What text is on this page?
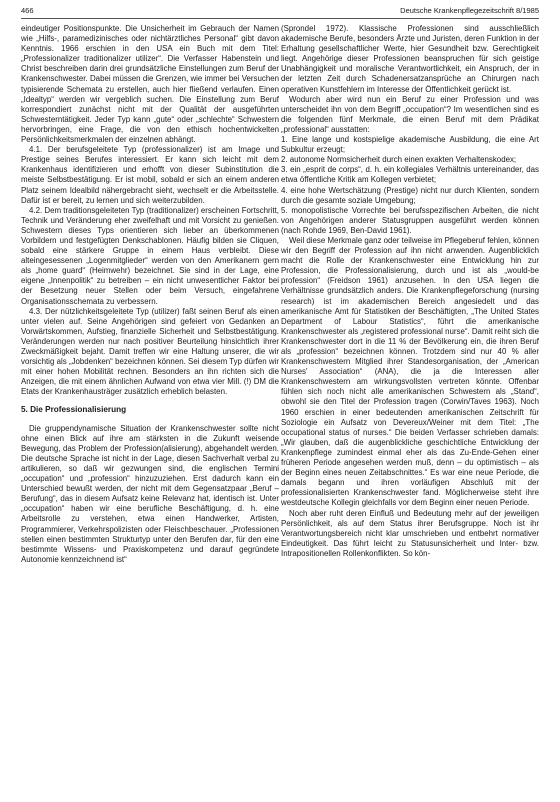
466	Deutsche Krankenpflegezeitschrift 8/1985

eindeutiger Positionspunkte. Die Unsicherheit im Gebrauch der Namen wie „Hilfs-, paramedizinisches oder nichtärztliches Personal“ gibt davon Kenntnis. 1966 erschien in den USA ein Buch mit dem Titel: „Professionalizer traditionalizer utilizer“. Die Verfasser Habenstein und Christ beschreiben darin drei grundsätzliche Einstellungen zum Beruf der Krankenschwester. Dabei müssen die Grenzen, wie immer bei Versuchen typisierende Schemata zu erstellen, auch hier fließend verlaufen. Einen „Idealtyp“ werden wir vergeblich suchen. Die Einstellung zum Beruf korrespondiert zunächst nicht mit der Qualität der ausgeführten Schwesterntätigkeit. Jeder Typ kann „gute“ oder „schlechte“ Schwestern hervorbringen, eine Frage, die von den ethisch hochentwickelten Persönlichkeitsmerkmalen der einzelnen abhängt.

4.1. Der berufsgeleitete Typ (professionalizer) ist am Image und Prestige seines Berufes interessiert. Er kann sich leicht mit dem Krankenhaus identifizieren und erhofft von dieser Subinstitution die meiste Selbstbestätigung. Er ist mobil, sobald er sich an einem anderen Platz seinem Idealbild nähergebracht sieht, wechselt er die Arbeitsstelle. Dafür ist er bereit, zu lernen und sich weiterzubilden.

4.2. Dem traditionsgeleiteten Typ (traditionalizer) erscheinen Fortschritt, Technik und Veränderung eher zweifelhaft und mit Vorsicht zu genießen. Schwestern dieses Typs orientieren sich lieber an überkommenen Vorbildern und festgefügten Denkschablonen. Häufig bilden sie Cliquen, sobald eine stärkere Gruppe in einem Haus verbleibt. Diese alteingesessenen „Logenmitglieder“ werden von den Amerikanern gern als „home guard“ (Heimwehr) bezeichnet. Sie sind in der Lage, eine eigene „Innenpolitik“ zu betreiben – ein nicht unwesentlicher Faktor bei der Besetzung neuer Stellen oder beim Versuch, eingefahrene Organisationsschemata zu verbessern.

4.3. Der nützlichkeitsgeleitete Typ (utilizer) faßt seinen Beruf als einen unter vielen auf. Seine Angehörigen sind gefeiert von Gedanken an Vorwärtskommen, Aufstieg, finanzielle Sicherheit und Selbstbestätigung. Veränderungen werden nur nach positiver Beurteilung hinsichtlich ihrer Zweckmäßigkeit bejaht. Damit treffen wir eine Haltung unserer, die wir vorsichtig als „Jobdenken“ bezeichnen können. Sei diesem Typ dürfen wir mit einer hohen Mobilität rechnen. Besonders an ihn richten sich die Anzeigen, die mit einem ähnlichen Aufwand von etwa vier Mill. (!) DM die Etats der Krankenhausträger zusätzlich erheblich belasten.

5. Die Professionalisierung

Die gruppendynamische Situation der Krankenschwester sollte nicht ohne einen Blick auf ihre am stärksten in die Zukunft weisende Bewegung, das Problem der Profession(alisierung), abgehandelt werden. Die deutsche Sprache ist nicht in der Lage, diesen Sachverhalt verbal zu artikulieren, so daß wir gezwungen sind, die englischen Termini „occupation“ und „profession“ hinzuzuziehen. Erst dadurch kann ein Unterschied bewußt werden, der nicht mit dem Gegensatzpaar „Beruf – Berufung“, das in diesem Aufsatz keine Relevanz hat, identisch ist. Unter „occupation“ haben wir eine berufliche Beschäftigung, d. h. eine Arbeitsrolle zu verstehen, etwa einen Handwerker, Artisten, Programmierer, Verkehrspolizisten oder Fleischbeschauer. „Professionen stellen einen bestimmten Strukturtyp unter den Berufen dar, für den eine bestimmte Wissens- und Praxiskompetenz und darauf gegründete Autonomie kennzeichnend ist“

(Sprondel 1972). Klassische Professionen sind ausschließlich akademische Berufe, besonders Ärzte und Juristen, deren Funktion in der Erhaltung gesellschaftlicher Werte, hier Gesundheit bzw. Gerechtigkeit liegt. Angehörige dieser Professionen beanspruchen für sich geistige Unabhängigkeit und moralische Verantwortlichkeit, ein Anspruch, der in der letzten Zeit durch Schadenersatzansprüche an Chirurgen nach operativen Kunstfehlern im Interesse der Öffentlichkeit gerückt ist.

Wodurch aber wird nun ein Beruf zu einer Profession und was unterscheidet ihn von dem Begriff „occupation“? Im wesentlichen sind es die folgenden fünf Merkmale, die einen Beruf mit dem Prädikat „professional“ ausstatten:

1. Eine lange und kostspielige akademische Ausbildung, die eine Art Subkultur erzeugt;

2. autonome Normsicherheit durch einen exakten Verhaltenskodex;

3. ein „esprit de corps“, d. h. ein kollegiales Verhältnis untereinander, das etwa öffentliche Kritik am Kollegen verbietet;

4. eine hohe Wertschätzung (Prestige) nicht nur durch Klienten, sondern durch die gesamte soziale Umgebung;

5. monopolistische Vorrechte bei berufsspezifischen Arbeiten, die nicht von Angehörigen anderer Statusgruppen ausgeführt werden können (nach Rohde 1969, Ben-David 1961).

Weil diese Merkmale ganz oder teilweise im Pflegeberuf fehlen, können wir den Begriff der Profession auf ihn nicht anwenden. Augenblicklich macht die Rolle der Krankenschwester eine Entwicklung hin zur Profession, die Professionalisierung, durch und ist als „would-be profession“ (Freidson 1961) anzusehen. In den USA liegen die Verhältnisse grundsätzlich anders. Die Krankenpflegeforschung (nursing research) ist im akademischen Bereich angesiedelt und das amerikanische Amt für Statistiken der Beschäftigten, „The United States Department of Labour Statistics“, führt die amerikanische Krankenschwester als „registered professional nurse“. Damit reiht sich die Krankenschwester dort in die 11 % der Bevölkerung ein, die ihren Beruf als „profession“ bezeichnen können. Trotzdem sind nur 40 % aller Krankenschwestern Mitglied ihrer Standesorganisation, der „American Nurses' Association“ (ANA), die ja die Interessen aller Krankenschwestern am wirkungsvollsten vertreten könnte. Offenbar fühlen sich noch nicht alle amerikanischen Schwestern als „Stand“, obwohl sie den Titel der Profession tragen (Corwin/Taves 1963). Noch 1960 erschien in einer bedeutenden amerikanischen Zeitschrift für Soziologie ein Aufsatz von Devereux/Weiner mit dem Titel: „The occupational status of nurses.“ Die beiden Verfasser schrieben damals: „Wir glauben, daß die augenblickliche geschichtliche Entwicklung der Krankenpflege zumindest einmal eher als das Zu-Ende-Gehen einer früheren Periode angesehen werden muß, denn – du optimistisch – als der Beginn eines neuen Zeitabschnittes.“ Es war eine neue Periode, die damals begann und ihren vorläufigen Abschluß mit der professionalisierten Krankenschwester fand. Möglicherweise steht ihre westdeutsche Kollegin gleichfalls vor dem Beginn einer neuen Periode.

Noch aber ruht deren Einfluß und Bedeutung mehr auf der jeweiligen Persönlichkeit, als auf dem Status ihrer Berufsgruppe. Noch ist ihr Verantwortungsbereich nicht klar umschrieben und entbehrt normativer Eindeutigkeit. Das führt leicht zu Statusunsicherheit und Inter- bzw. Intrapositionellen Rollenkonflikten. So kön-
